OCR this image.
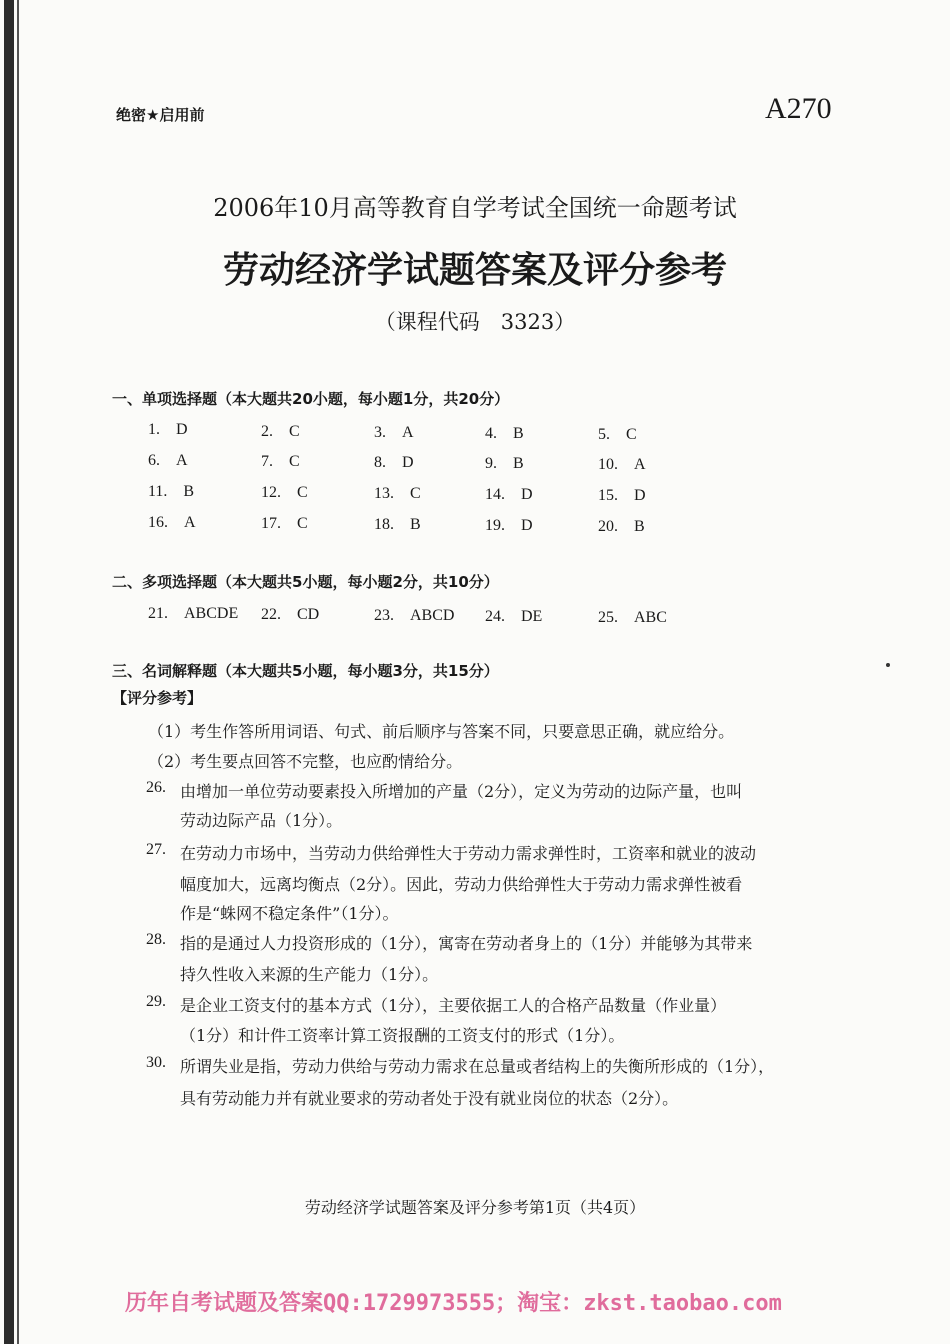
绝密★启用前	A270
2006年10月高等教育自学考试全国统一命题考试
劳动经济学试题答案及评分参考
（课程代码　3323）
一、单项选择题（本大题共20小题，每小题1分，共20分）
1.　D	2.　C	3.　A	4.　B	5.　C
6.　A	7.　C	8.　D	9.　B	10.　A
11.　B	12.　C	13.　C	14.　D	15.　D
16.　A	17.　C	18.　B	19.　D	20.　B
二、多项选择题（本大题共5小题，每小题2分，共10分）
21.　ABCDE 22.　CD	23.　ABCD 24.　DE	25.　ABC
三、名词解释题（本大题共5小题，每小题3分，共15分）
【评分参考】
（1）考生作答所用词语、句式、前后顺序与答案不同，只要意思正确，就应给分。
（2）考生要点回答不完整，也应酌情给分。
26. 由增加一单位劳动要素投入所增加的产量（2分），定义为劳动的边际产量，也叫
劳动边际产品（1分）。
27. 在劳动力市场中，当劳动力供给弹性大于劳动力需求弹性时，工资率和就业的波动
幅度加大，远离均衡点（2分）。因此，劳动力供给弹性大于劳动力需求弹性被看
作是“蛛网不稳定条件”（1分）。
28. 指的是通过人力投资形成的（1分），寓寄在劳动者身上的（1分）并能够为其带来
持久性收入来源的生产能力（1分）。
29. 是企业工资支付的基本方式（1分），主要依据工人的合格产品数量（作业量）
（1分）和计件工资率计算工资报酬的工资支付的形式（1分）。
30. 所谓失业是指，劳动力供给与劳动力需求在总量或者结构上的失衡所形成的（1分），
具有劳动能力并有就业要求的劳动者处于没有就业岗位的状态（2分）。
劳动经济学试题答案及评分参考第1页（共4页）
历年自考试题及答案QQ:1729973555；淘宝：zkst.taobao.com
